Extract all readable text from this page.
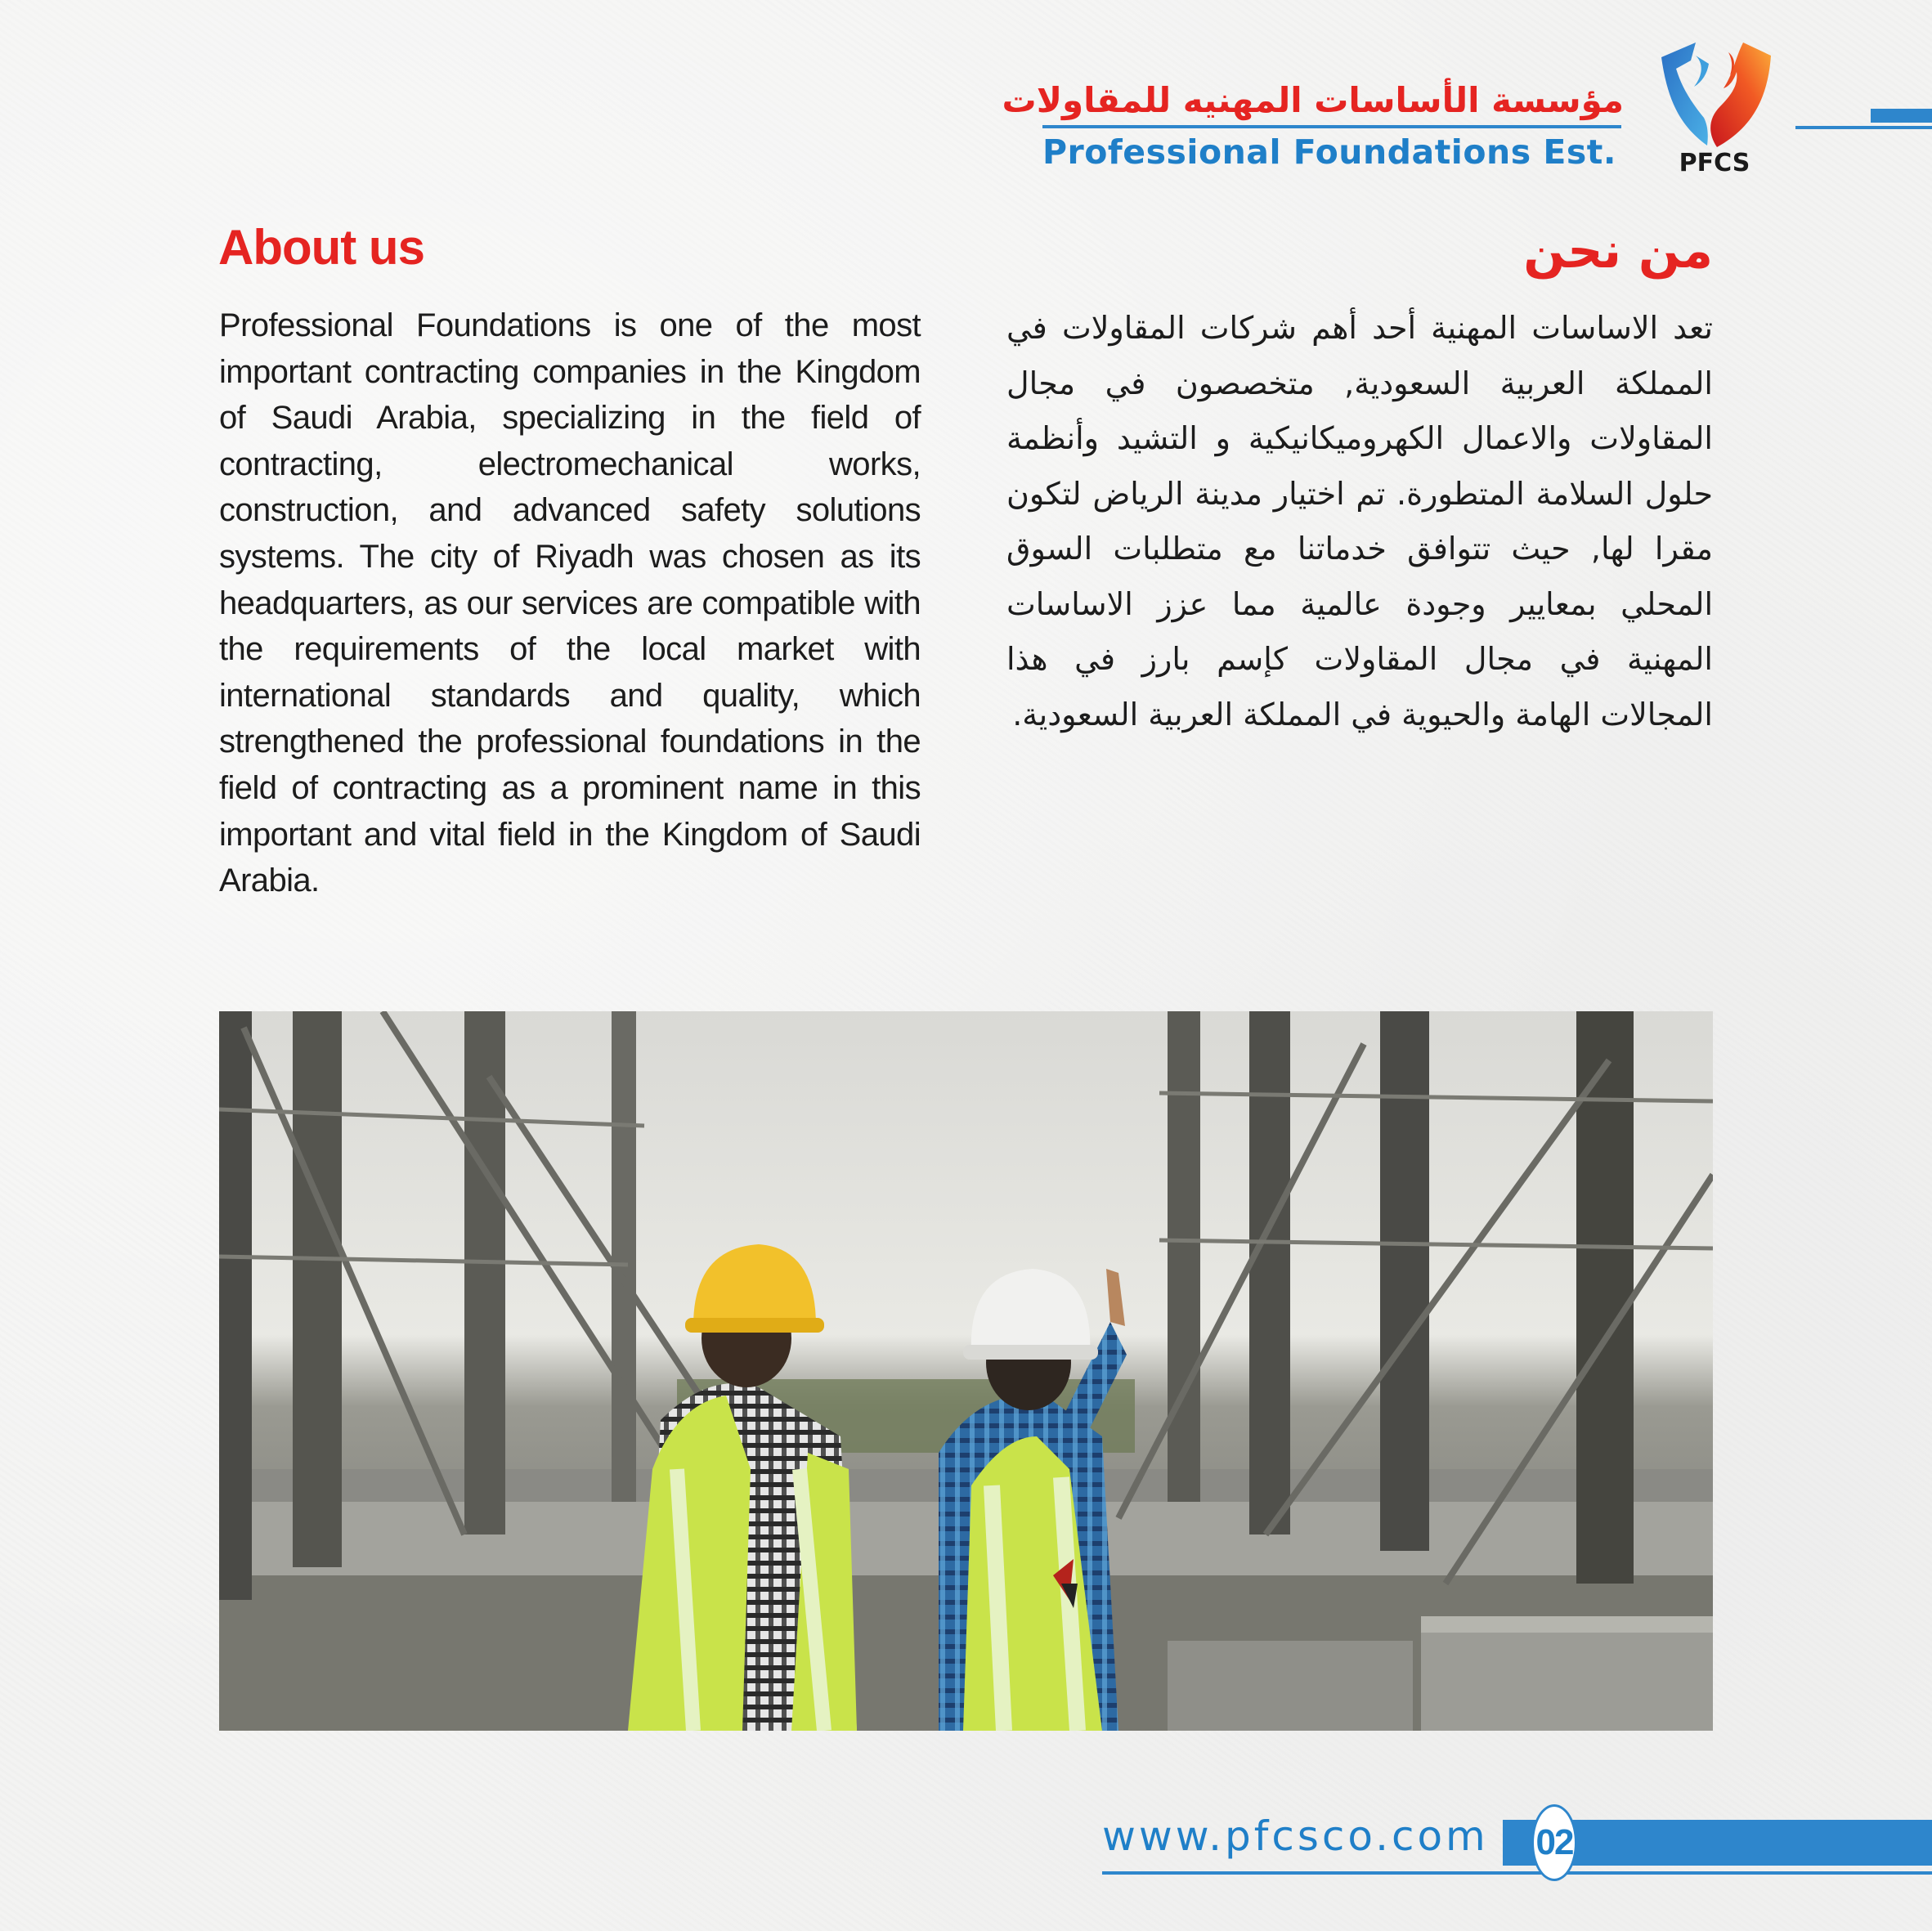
مؤسسة الأساسات المهنيه للمقاولات
Professional Foundations Est.	PFCS
About us	من نحن
Professional Foundations is one of the most important contracting companies in the Kingdom of Saudi Arabia, specializing in the field of contracting, electromechanical works, construction, and advanced safety solutions systems. The city of Riyadh was chosen as its headquarters, as our services are compatible with the requirements of the local market with international standards and quality, which strengthened the professional foundations in the field of contracting as a prominent name in this important and vital field in the Kingdom of Saudi Arabia.
تعد الاساسات المهنية أحد أهم شركات المقاولات في المملكة العربية السعودية, متخصصون في مجال المقاولات والاعمال الكهروميكانيكية و التشيد وأنظمة حلول السلامة المتطورة. تم اختيار مدينة الرياض لتكون مقرا لها, حيث تتوافق خدماتنا مع متطلبات السوق المحلي بمعايير وجودة عالمية مما عزز الاساسات المهنية في مجال المقاولات كإسم بارز في هذا المجالات الهامة والحيوية في المملكة العربية السعودية.
www.pfcsco.com 02
